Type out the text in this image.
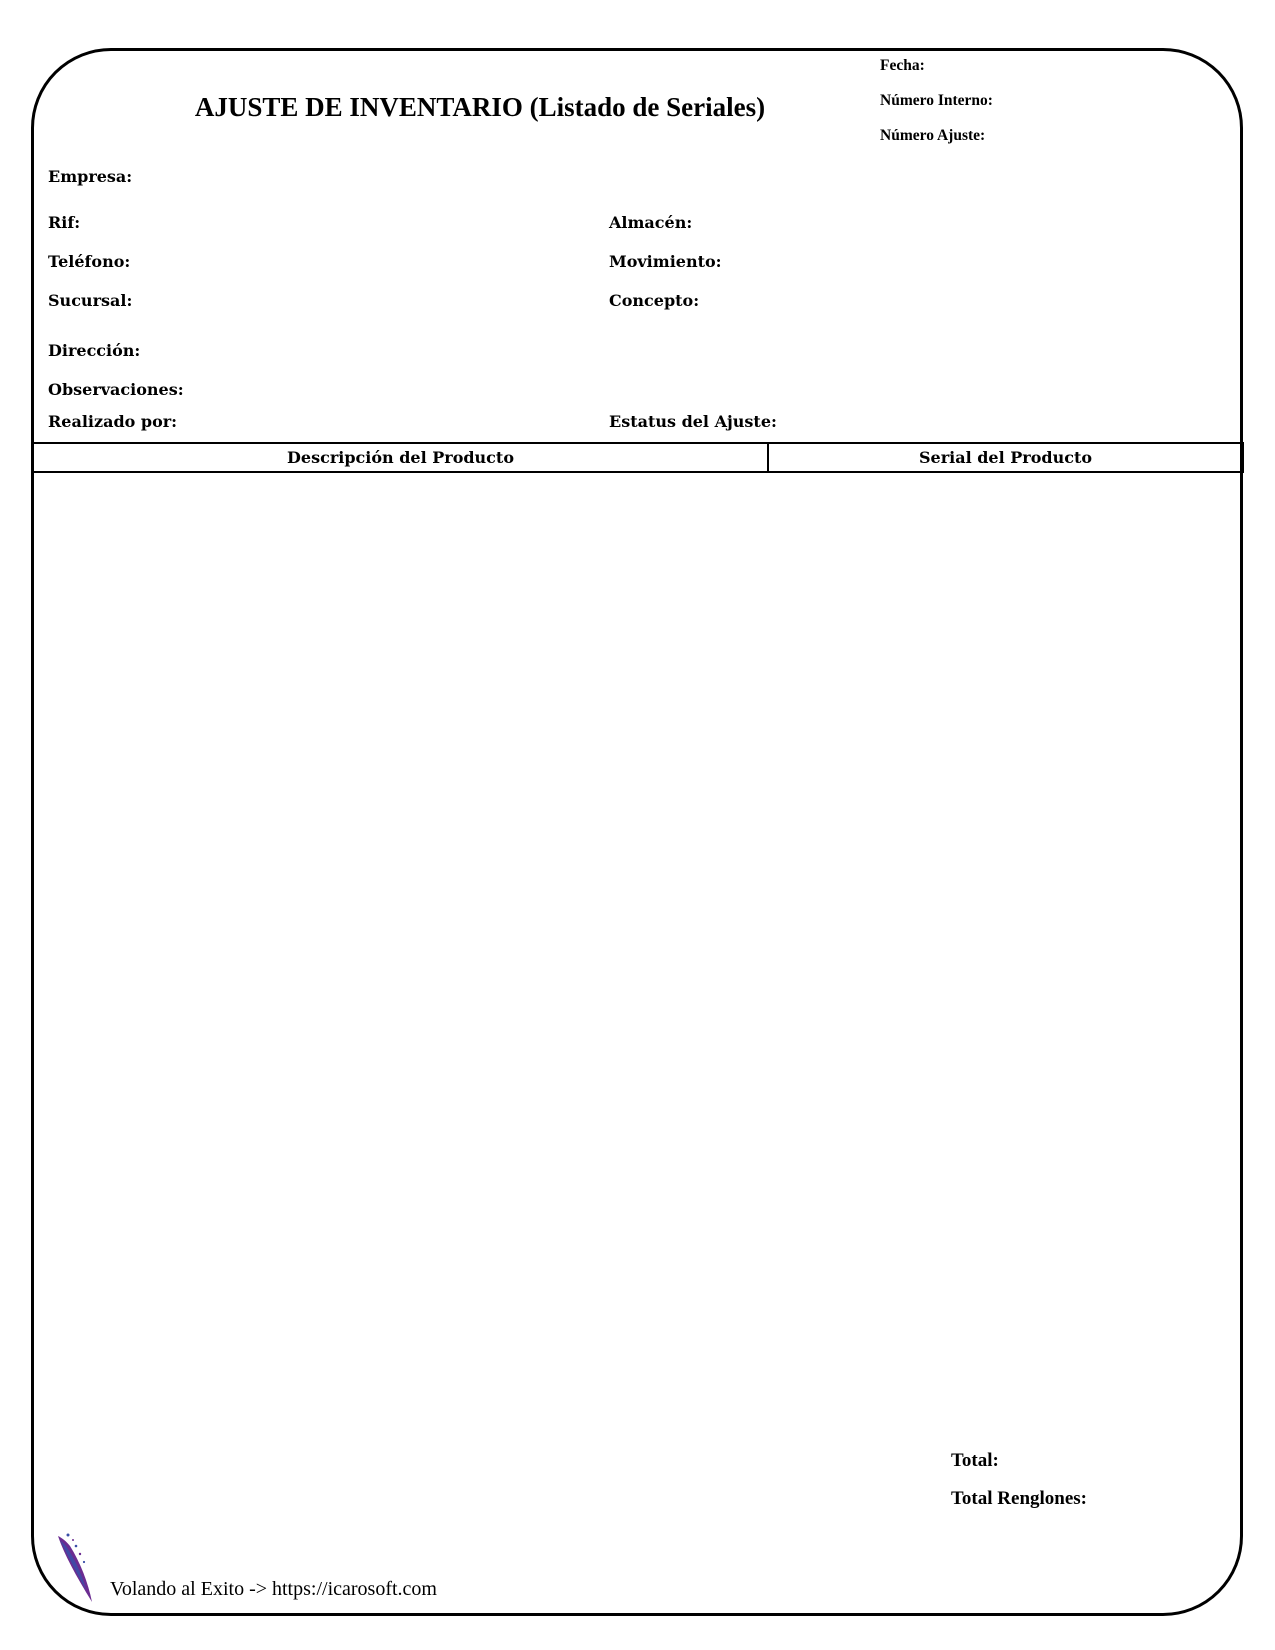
AJUSTE DE INVENTARIO (Listado de Seriales)
Fecha:
Número Interno:
Número Ajuste:
Empresa:
Rif:	Almacén:
Teléfono:	Movimiento:
Sucursal:	Concepto:
Dirección:
Observaciones:
Realizado por:	Estatus del Ajuste:
Descripción del Producto	Serial del Producto
Total:
Total Renglones:
Volando al Exito -> https://icarosoft.com
